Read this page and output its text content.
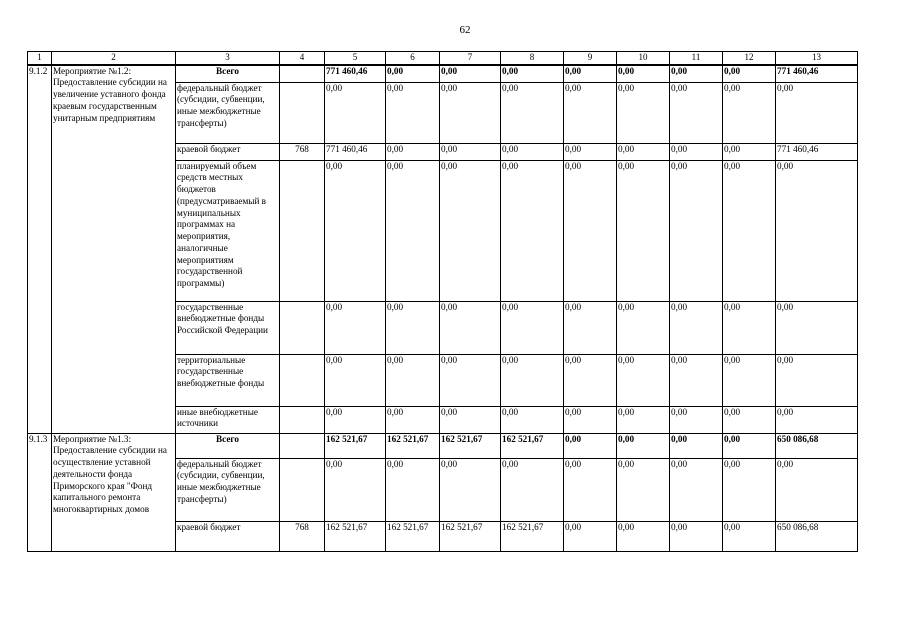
62
1	2	3	4	5	6	7	8	9	10	11	12	13
9.1.2	Мероприятие №1.2: Предоставление субсидии на увеличение уставного фонда краевым государственным унитарным предприятиям	Всего		771 460,46	0,00	0,00	0,00	0,00	0,00	0,00	0,00	771 460,46
		федеральный бюджет (субсидии, субвенции, иные межбюджетные трансферты)		0,00	0,00	0,00	0,00	0,00	0,00	0,00	0,00	0,00
		краевой бюджет	768	771 460,46	0,00	0,00	0,00	0,00	0,00	0,00	0,00	771 460,46
		планируемый объем средств местных бюджетов (предусматриваемый в муниципальных программах на мероприятия, аналогичные мероприятиям государственной программы)		0,00	0,00	0,00	0,00	0,00	0,00	0,00	0,00	0,00
		государственные внебюджетные фонды Российской Федерации		0,00	0,00	0,00	0,00	0,00	0,00	0,00	0,00	0,00
		территориальные государственные внебюджетные фонды		0,00	0,00	0,00	0,00	0,00	0,00	0,00	0,00	0,00
		иные внебюджетные источники		0,00	0,00	0,00	0,00	0,00	0,00	0,00	0,00	0,00
9.1.3	Мероприятие №1.3: Предоставление субсидии на осуществление уставной деятельности фонда Приморского края "Фонд капитального ремонта многоквартирных домов	Всего		162 521,67	162 521,67	162 521,67	162 521,67	0,00	0,00	0,00	0,00	650 086,68
		федеральный бюджет (субсидии, субвенции, иные межбюджетные трансферты)		0,00	0,00	0,00	0,00	0,00	0,00	0,00	0,00	0,00
		краевой бюджет	768	162 521,67	162 521,67	162 521,67	162 521,67	0,00	0,00	0,00	0,00	650 086,68
